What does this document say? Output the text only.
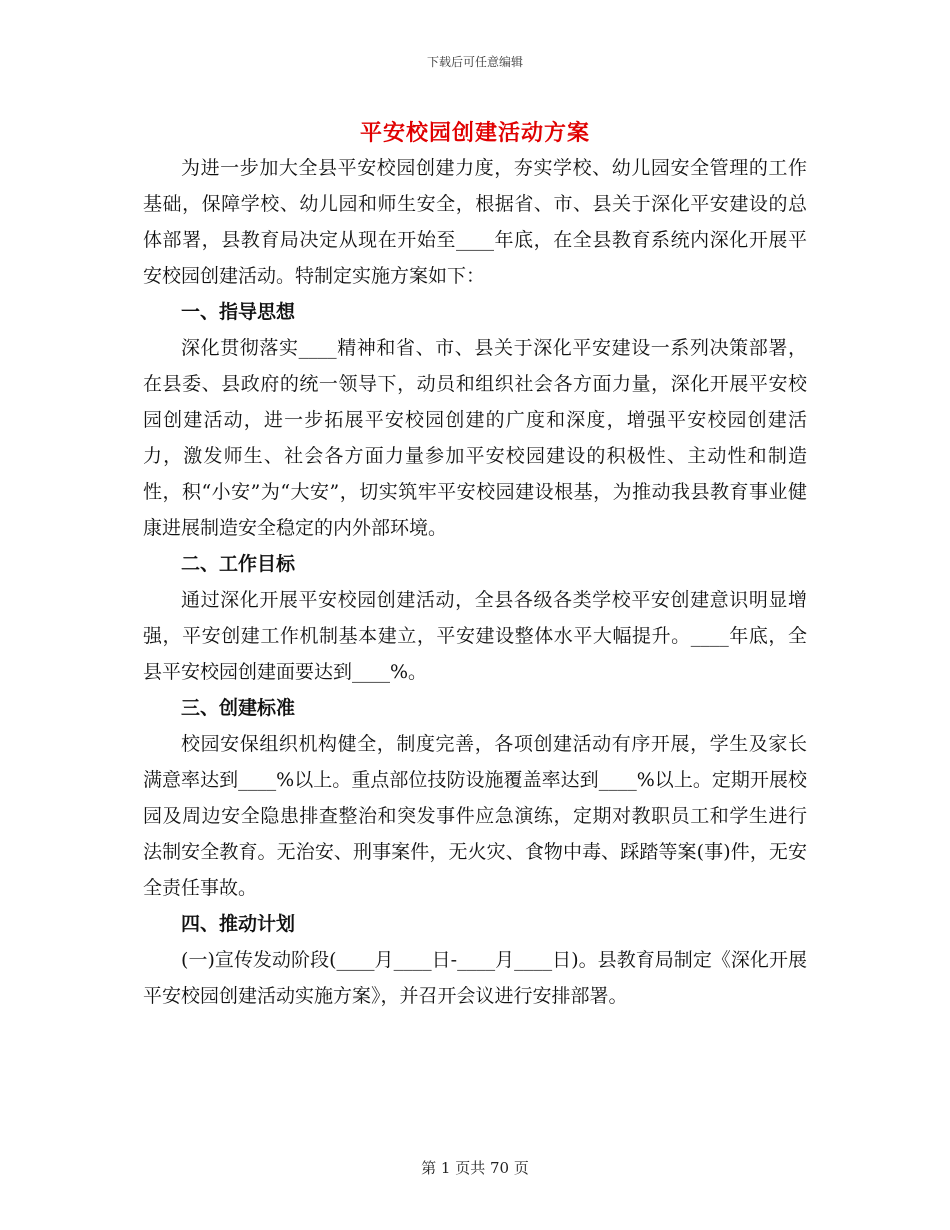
下载后可任意编辑
平安校园创建活动方案

为进一步加大全县平安校园创建力度，夯实学校、幼儿园安全管理的工作基础，保障学校、幼儿园和师生安全，根据省、市、县关于深化平安建设的总体部署，县教育局决定从现在开始至____年底，在全县教育系统内深化开展平安校园创建活动。特制定实施方案如下：

一、指导思想

深化贯彻落实____精神和省、市、县关于深化平安建设一系列决策部署，在县委、县政府的统一领导下，动员和组织社会各方面力量，深化开展平安校园创建活动，进一步拓展平安校园创建的广度和深度，增强平安校园创建活力，激发师生、社会各方面力量参加平安校园建设的积极性、主动性和制造性，积“小安”为“大安”，切实筑牢平安校园建设根基，为推动我县教育事业健康进展制造安全稳定的内外部环境。

二、工作目标

通过深化开展平安校园创建活动，全县各级各类学校平安创建意识明显增强，平安创建工作机制基本建立，平安建设整体水平大幅提升。____年底，全县平安校园创建面要达到____%。

三、创建标准

校园安保组织机构健全，制度完善，各项创建活动有序开展，学生及家长满意率达到____%以上。重点部位技防设施覆盖率达到____%以上。定期开展校园及周边安全隐患排查整治和突发事件应急演练，定期对教职员工和学生进行法制安全教育。无治安、刑事案件，无火灾、食物中毒、踩踏等案(事)件，无安全责任事故。

四、推动计划

(一)宣传发动阶段(____月____日-____月____日)。县教育局制定《深化开展平安校园创建活动实施方案》，并召开会议进行安排部署。

第 1 页共 70 页
